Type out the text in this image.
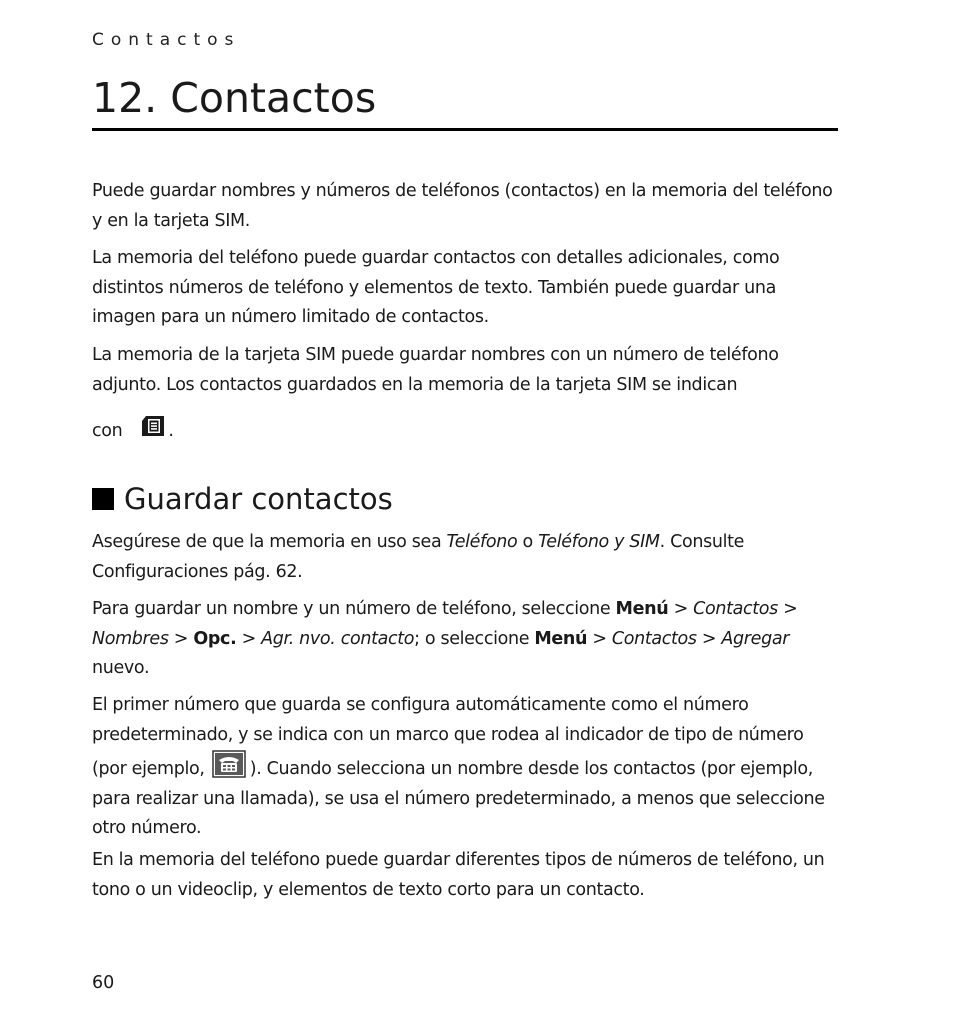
Contactos
12. Contactos

Puede guardar nombres y números de teléfonos (contactos) en la memoria del teléfono y en la tarjeta SIM.

La memoria del teléfono puede guardar contactos con detalles adicionales, como distintos números de teléfono y elementos de texto. También puede guardar una imagen para un número limitado de contactos.

La memoria de la tarjeta SIM puede guardar nombres con un número de teléfono adjunto. Los contactos guardados en la memoria de la tarjeta SIM se indican

con	.

Guardar contactos

Asegúrese de que la memoria en uso sea Teléfono o Teléfono y SIM. Consulte Configuraciones pág. 62.

Para guardar un nombre y un número de teléfono, seleccione Menú > Contactos > Nombres > Opc. > Agr. nvo. contacto; o seleccione Menú > Contactos > Agregar nuevo.

El primer número que guarda se configura automáticamente como el número predeterminado, y se indica con un marco que rodea al indicador de tipo de número (por ejemplo,
). Cuando selecciona un nombre desde los contactos (por ejemplo, para realizar una llamada), se usa el número predeterminado, a menos que seleccione otro número.

En la memoria del teléfono puede guardar diferentes tipos de números de teléfono, un tono o un videoclip, y elementos de texto corto para un contacto.

60
